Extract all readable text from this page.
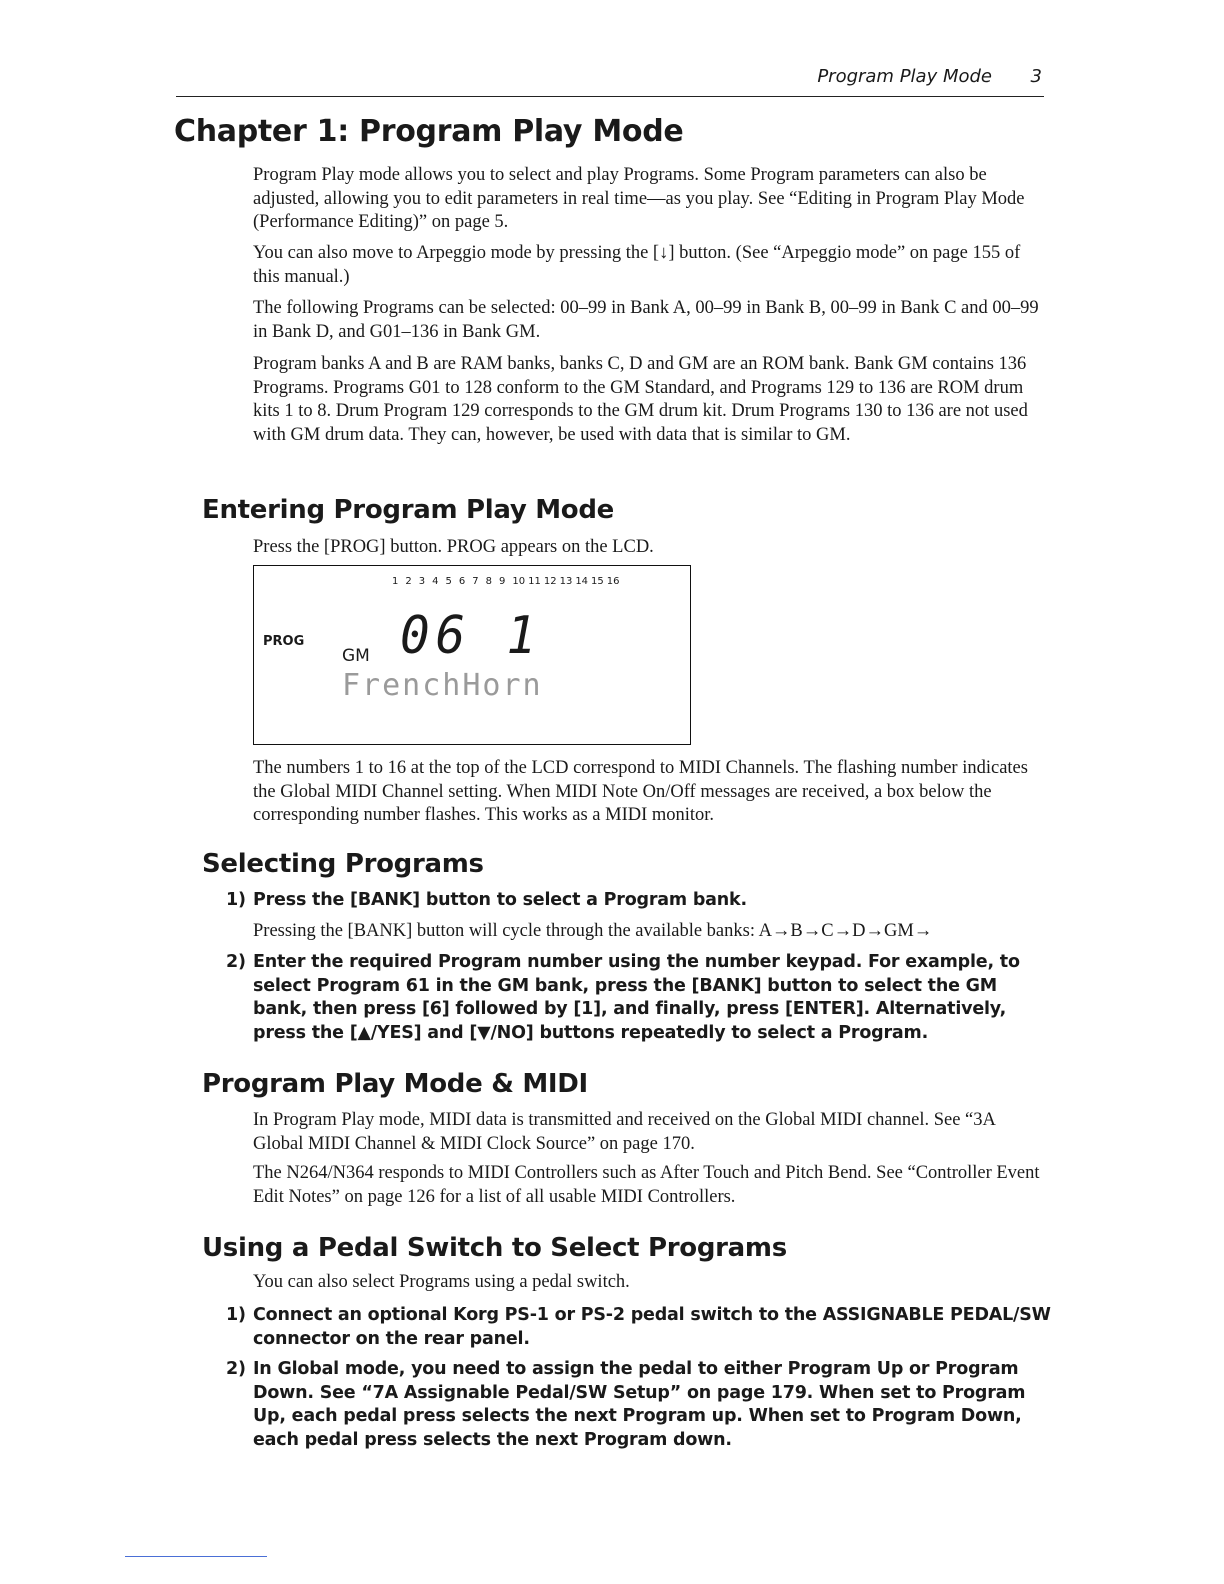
Program Play Mode 3
Chapter 1: Program Play Mode

Program Play mode allows you to select and play Programs. Some Program parameters can also be adjusted, allowing you to edit parameters in real time—as you play. See “Editing in Program Play Mode (Performance Editing)” on page 5.

You can also move to Arpeggio mode by pressing the [↓] button. (See “Arpeggio mode” on page 155 of this manual.)

The following Programs can be selected: 00–99 in Bank A, 00–99 in Bank B, 00–99 in Bank C and 00–99 in Bank D, and G01–136 in Bank GM.

Program banks A and B are RAM banks, banks C, D and GM are an ROM bank. Bank GM contains 136 Programs. Programs G01 to 128 conform to the GM Standard, and Programs 129 to 136 are ROM drum kits 1 to 8. Drum Program 129 corresponds to the GM drum kit. Drum Programs 130 to 136 are not used with GM drum data. They can, however, be used with data that is similar to GM.

Entering Program Play Mode

Press the [PROG] button. PROG appears on the LCD.

1 2 3 4 5 6 7 8 9 10 11 12 13 14 15 16
PROG
GM 06 1
FrenchHorn

The numbers 1 to 16 at the top of the LCD correspond to MIDI Channels. The flashing number indicates the Global MIDI Channel setting. When MIDI Note On/Off messages are received, a box below the corresponding number flashes. This works as a MIDI monitor.

Selecting Programs
1) Press the [BANK] button to select a Program bank.

Pressing the [BANK] button will cycle through the available banks: A→B→C→D→GM→

2) Enter the required Program number using the number keypad. For example, to select Program 61 in the GM bank, press the [BANK] button to select the GM bank, then press [6] followed by [1], and finally, press [ENTER]. Alternatively, press the [▲/YES] and [▼/NO] buttons repeatedly to select a Program.
Program Play Mode & MIDI

In Program Play mode, MIDI data is transmitted and received on the Global MIDI channel. See “3A Global MIDI Channel & MIDI Clock Source” on page 170.

The N264/N364 responds to MIDI Controllers such as After Touch and Pitch Bend. See “Controller Event Edit Notes” on page 126 for a list of all usable MIDI Controllers.

Using a Pedal Switch to Select Programs

You can also select Programs using a pedal switch.

1) Connect an optional Korg PS-1 or PS-2 pedal switch to the ASSIGNABLE PEDAL/SW connector on the rear panel.
2) In Global mode, you need to assign the pedal to either Program Up or Program Down. See “7A Assignable Pedal/SW Setup” on page 179. When set to Program Up, each pedal press selects the next Program up. When set to Program Down, each pedal press selects the next Program down.
